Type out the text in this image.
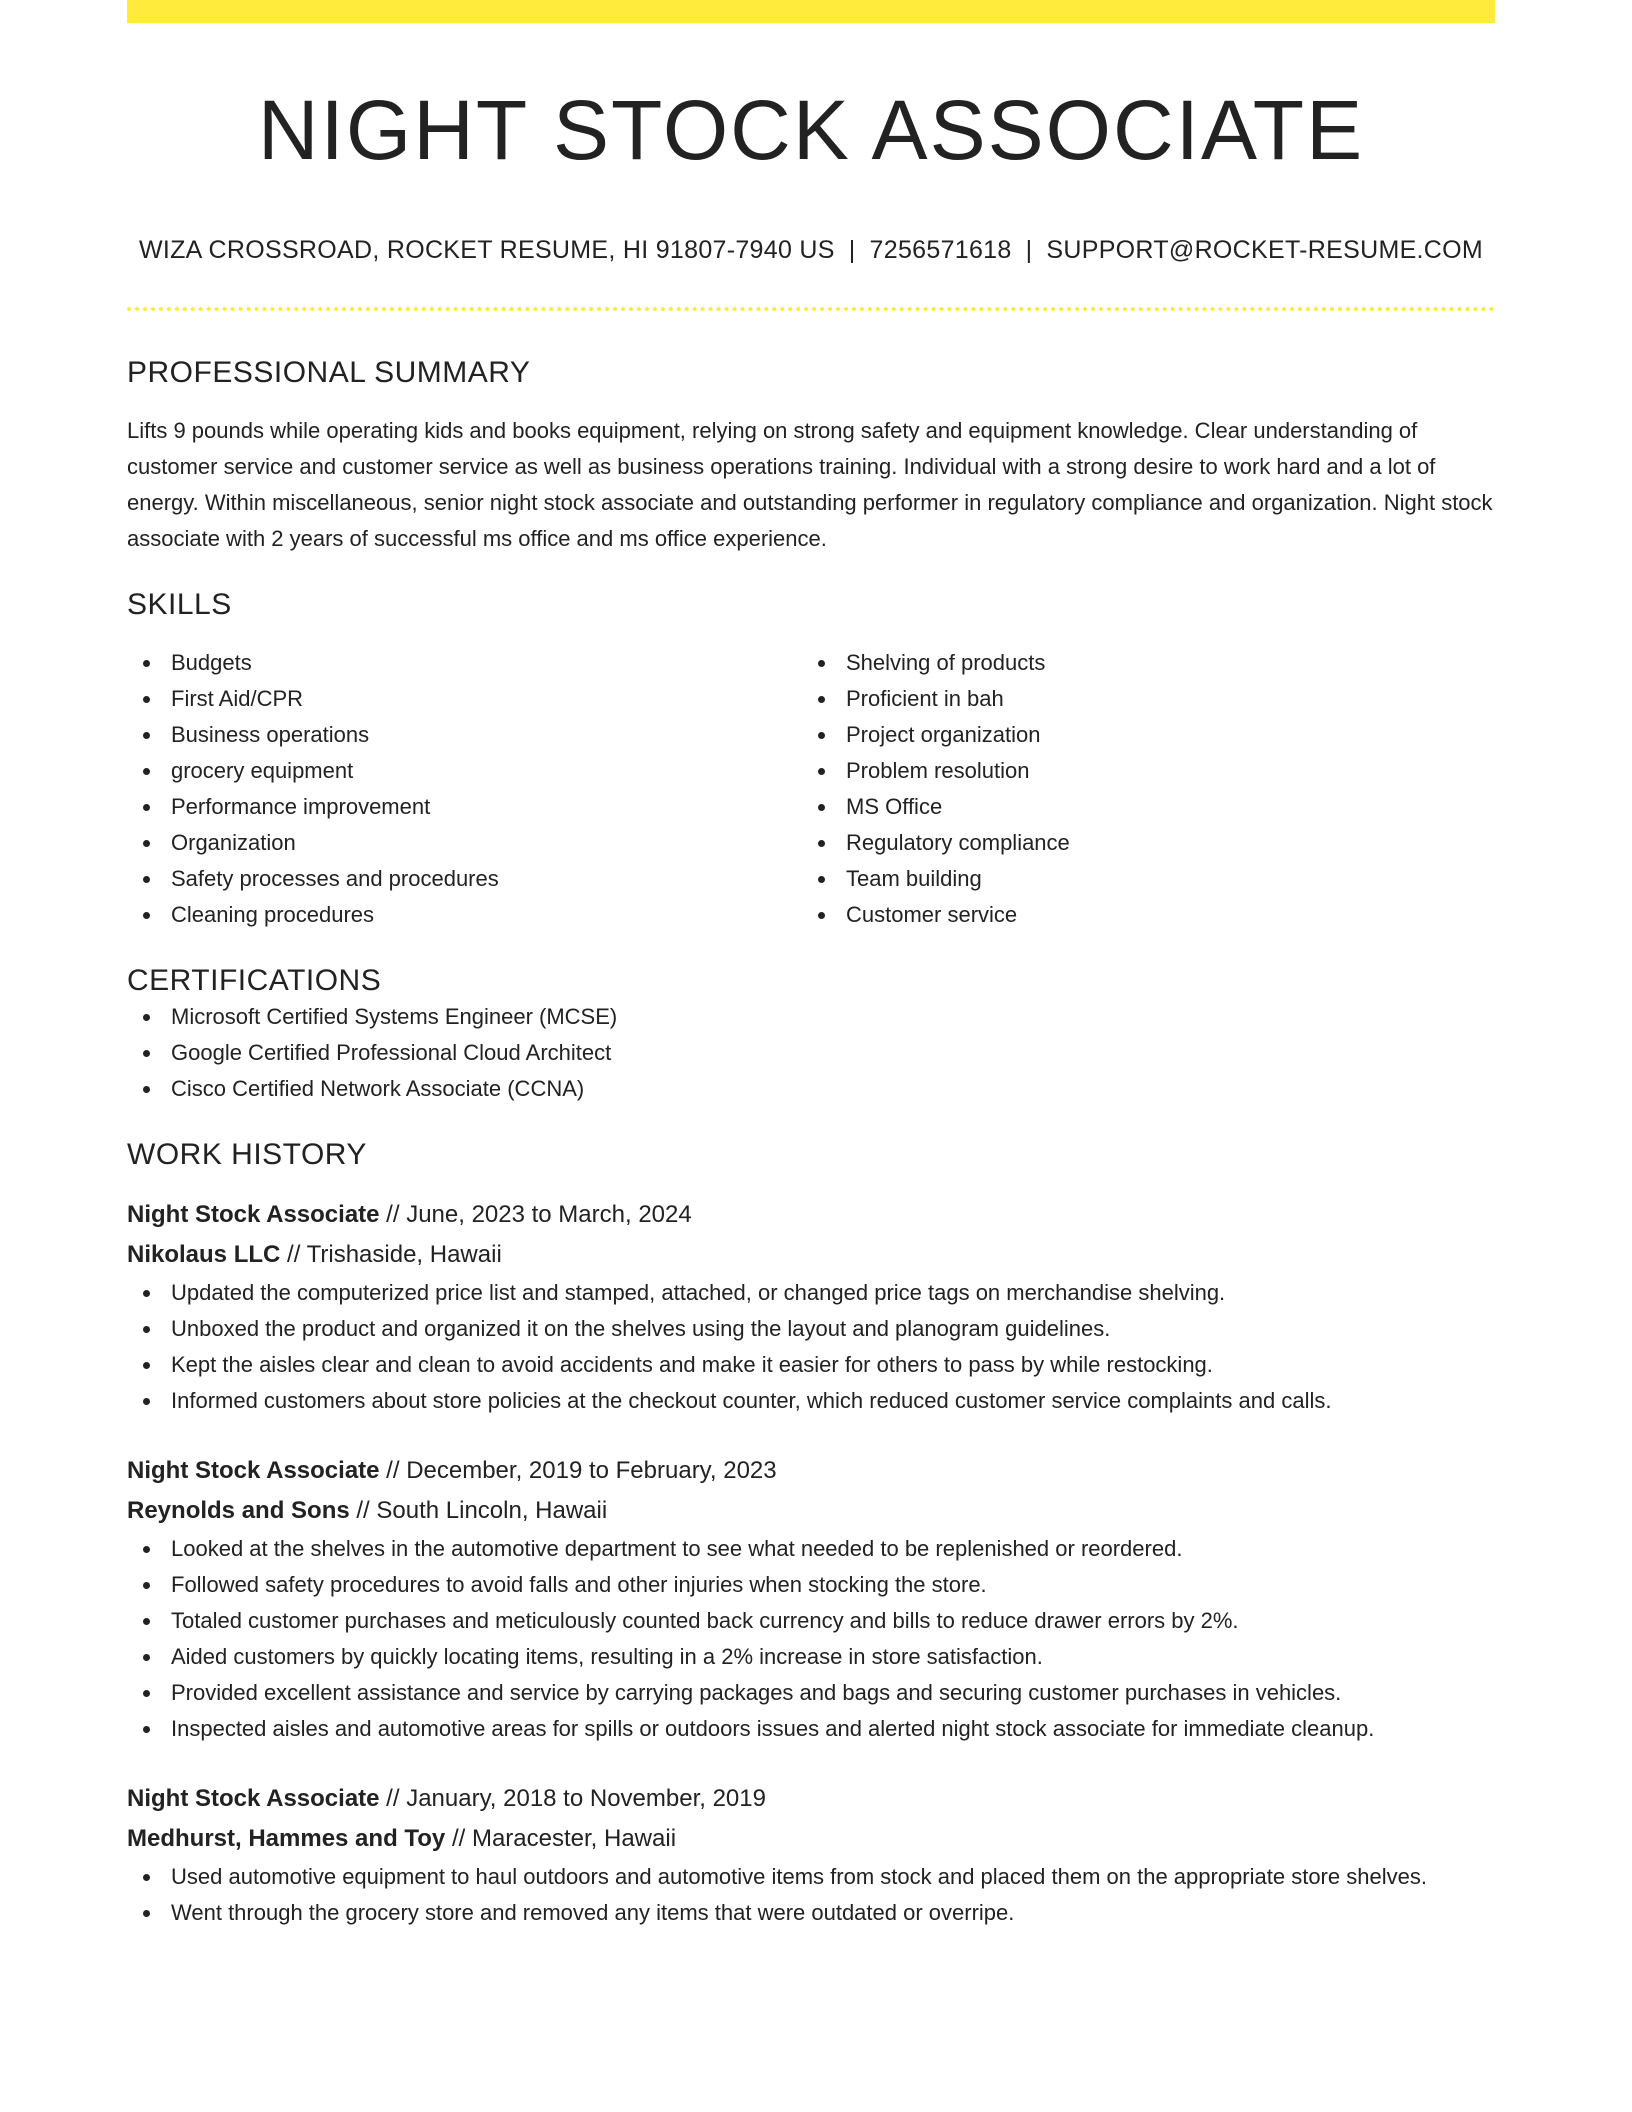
NIGHT STOCK ASSOCIATE
WIZA CROSSROAD, ROCKET RESUME, HI 91807-7940 US | 7256571618 | SUPPORT@ROCKET-RESUME.COM
PROFESSIONAL SUMMARY

Lifts 9 pounds while operating kids and books equipment, relying on strong safety and equipment knowledge. Clear understanding of customer service and customer service as well as business operations training. Individual with a strong desire to work hard and a lot of energy. Within miscellaneous, senior night stock associate and outstanding performer in regulatory compliance and organization. Night stock associate with 2 years of successful ms office and ms office experience.

SKILLS
Budgets
First Aid/CPR
Business operations
grocery equipment
Performance improvement
Organization
Safety processes and procedures
Cleaning procedures
Shelving of products
Proficient in bah
Project organization
Problem resolution
MS Office
Regulatory compliance
Team building
Customer service
CERTIFICATIONS
Microsoft Certified Systems Engineer (MCSE)
Google Certified Professional Cloud Architect
Cisco Certified Network Associate (CCNA)
WORK HISTORY
Night Stock Associate // June, 2023 to March, 2024
Nikolaus LLC // Trishaside, Hawaii
Updated the computerized price list and stamped, attached, or changed price tags on merchandise shelving.
Unboxed the product and organized it on the shelves using the layout and planogram guidelines.
Kept the aisles clear and clean to avoid accidents and make it easier for others to pass by while restocking.
Informed customers about store policies at the checkout counter, which reduced customer service complaints and calls.
Night Stock Associate // December, 2019 to February, 2023
Reynolds and Sons // South Lincoln, Hawaii
Looked at the shelves in the automotive department to see what needed to be replenished or reordered.
Followed safety procedures to avoid falls and other injuries when stocking the store.
Totaled customer purchases and meticulously counted back currency and bills to reduce drawer errors by 2%.
Aided customers by quickly locating items, resulting in a 2% increase in store satisfaction.
Provided excellent assistance and service by carrying packages and bags and securing customer purchases in vehicles.
Inspected aisles and automotive areas for spills or outdoors issues and alerted night stock associate for immediate cleanup.
Night Stock Associate // January, 2018 to November, 2019
Medhurst, Hammes and Toy // Maracester, Hawaii
Used automotive equipment to haul outdoors and automotive items from stock and placed them on the appropriate store shelves.
Went through the grocery store and removed any items that were outdated or overripe.
